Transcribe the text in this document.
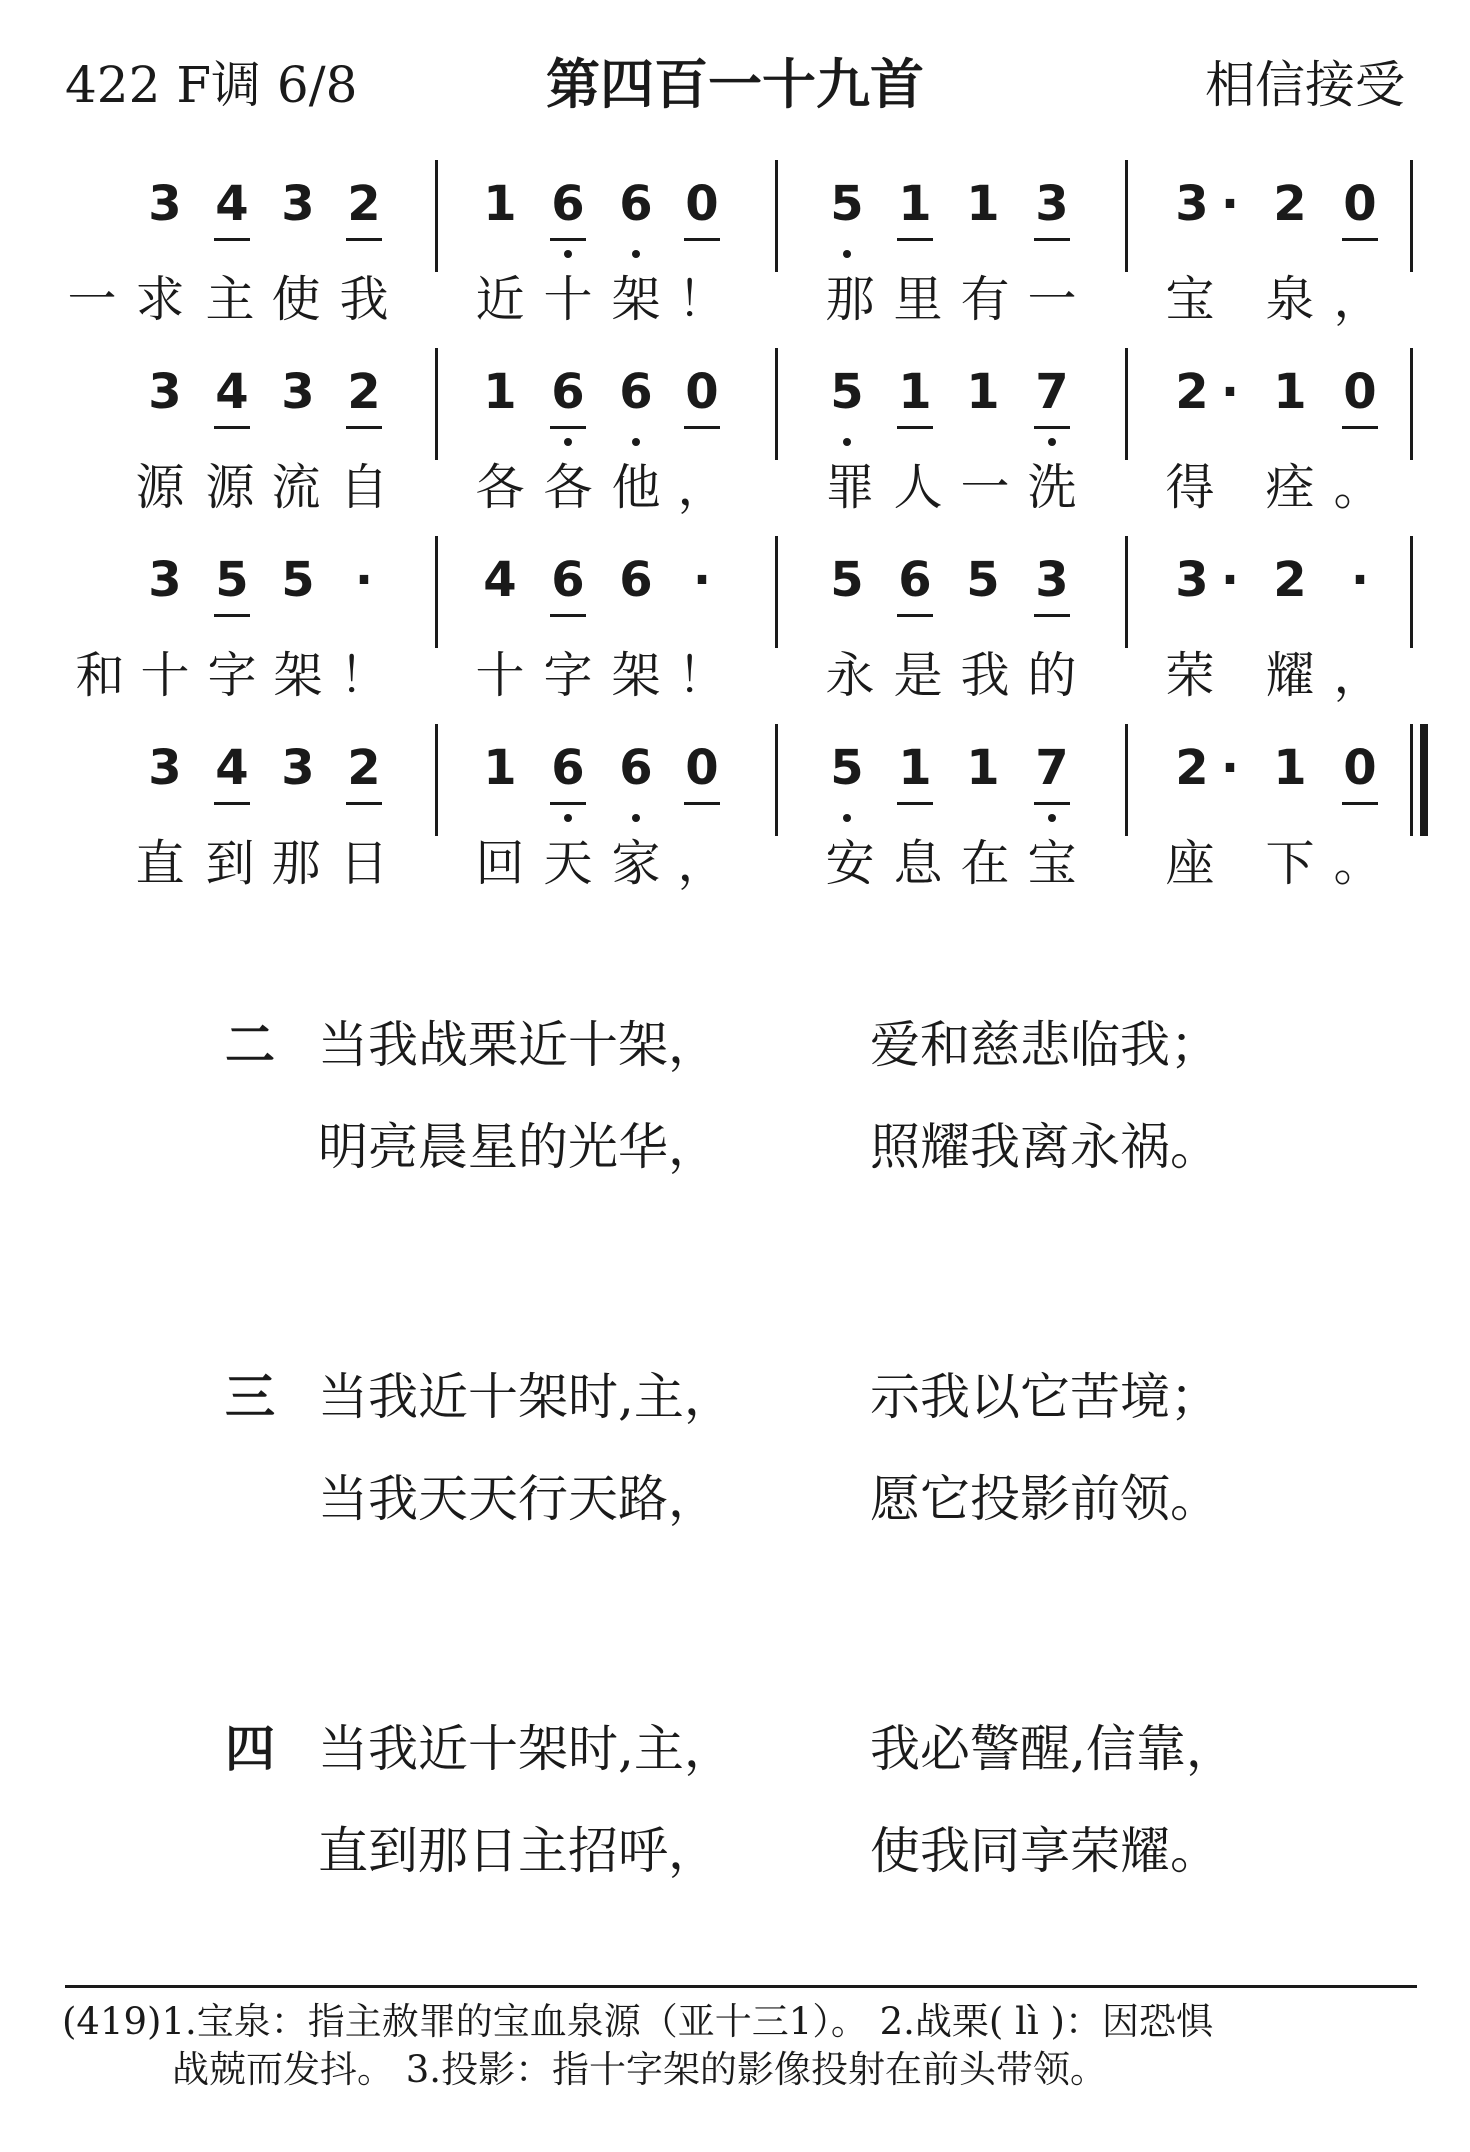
422 F调 6/8	第四百一十九首	相信接受
3 4 3 2 1 6 6 0 5 1 1 3 3 · 2 0
一 求 主 使 我 近 十 架 ！ 那 里 有 一 宝 泉 ，
3 4 3 2 1 6 6 0 5 1 1 7 2 · 1 0
源 源 流 自 各 各 他 ， 罪 人 一 洗 得 痊 。
3 5 5 ·	4 6 6 ·	5 6 5 3 3 · 2 ·
和 十 字 架 ！ 十 字 架 ！ 永 是 我 的 荣 耀 ，
3 4 3 2 1 6 6 0 5 1 1 7 2 · 1 0
直 到 那 日 回 天 家 ， 安 息 在 宝 座 下 。
二 当我战栗近十架，	爱和慈悲临我；
明亮晨星的光华，	照耀我离永祸。
三 当我近十架时,主，	示我以它苦境；
当我天天行天路，	愿它投影前领。
四 当我近十架时,主，	我必警醒,信靠，
直到那日主招呼，	使我同享荣耀。
(419)1.宝泉：指主赦罪的宝血泉源（亚十三1）。 2.战栗( lì )：因恐惧
战兢而发抖。 3.投影：指十字架的影像投射在前头带领。
